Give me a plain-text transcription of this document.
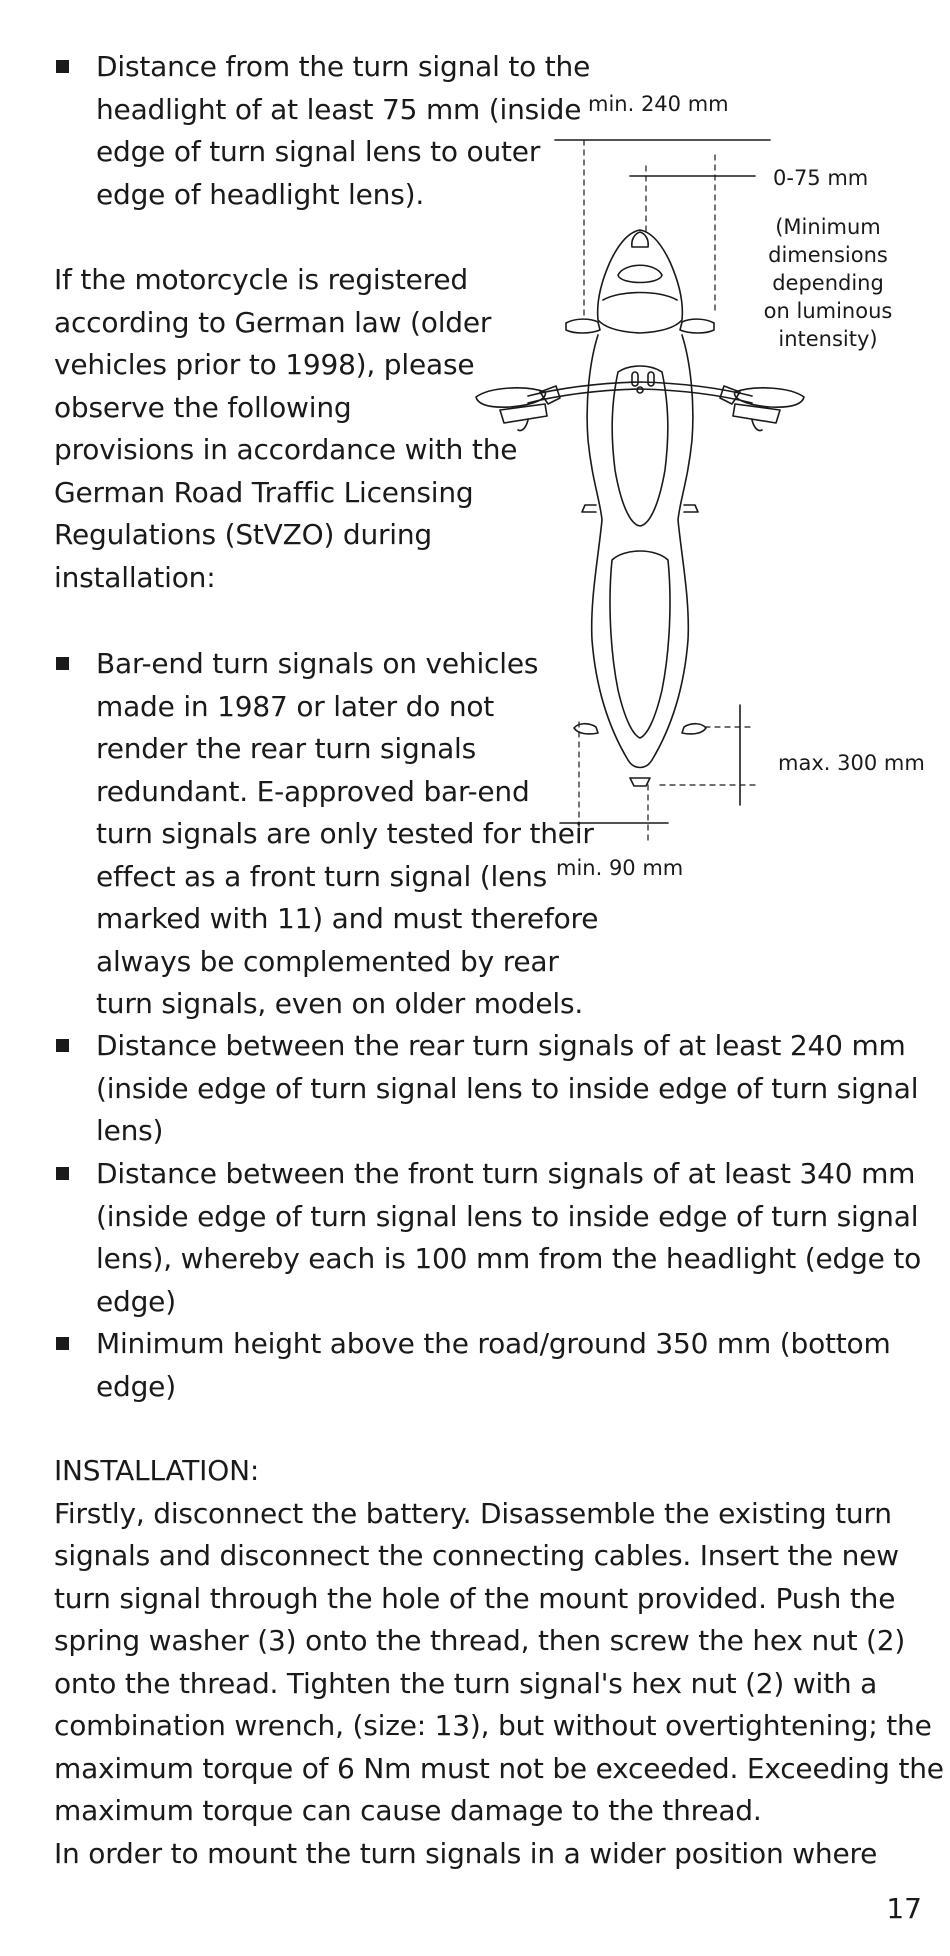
Distance from the turn signal to the
headlight of at least 75 mm (inside
edge of turn signal lens to outer
edge of headlight lens).
If the motorcycle is registered
according to German law (older
vehicles prior to 1998), please
observe the following
provisions in accordance with the
German Road Traffic Licensing
Regulations (StVZO) during
installation:
Bar-end turn signals on vehicles
made in 1987 or later do not
render the rear turn signals
redundant. E-approved bar-end
turn signals are only tested for their
effect as a front turn signal (lens
marked with 11) and must therefore
always be complemented by rear
turn signals, even on older models.
Distance between the rear turn signals of at least 240 mm
(inside edge of turn signal lens to inside edge of turn signal
lens)
Distance between the front turn signals of at least 340 mm
(inside edge of turn signal lens to inside edge of turn signal
lens), whereby each is 100 mm from the headlight (edge to
edge)
Minimum height above the road/ground 350 mm (bottom
edge)
INSTALLATION:
Firstly, disconnect the battery. Disassemble the existing turn
signals and disconnect the connecting cables. Insert the new
turn signal through the hole of the mount provided. Push the
spring washer (3) onto the thread, then screw the hex nut (2)
onto the thread. Tighten the turn signal's hex nut (2) with a
combination wrench, (size: 13), but without overtightening; the
maximum torque of 6 Nm must not be exceeded. Exceeding the
maximum torque can cause damage to the thread.
In order to mount the turn signals in a wider position where
min. 240 mm
0-75 mm
(Minimum
dimensions
depending
on luminous
intensity)
max. 300 mm
min. 90 mm
17
